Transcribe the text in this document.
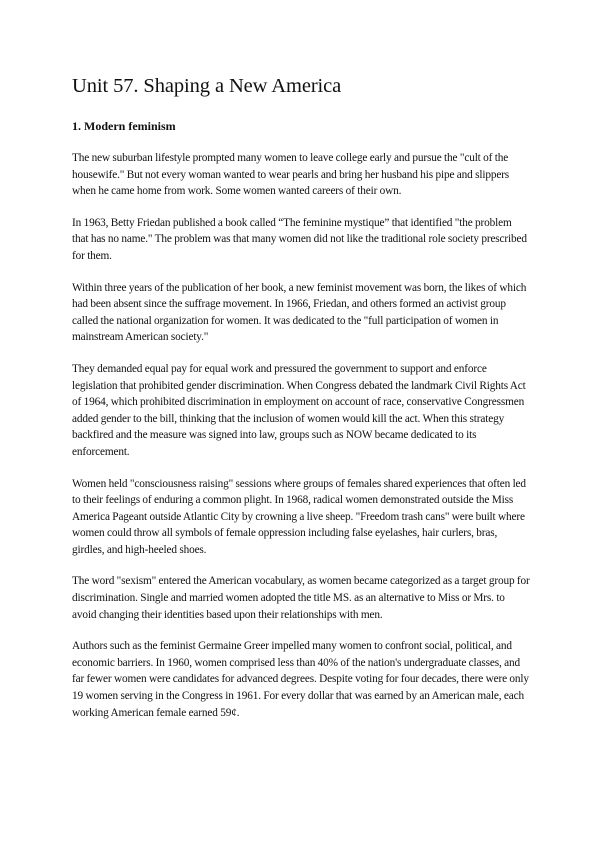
Unit 57. Shaping a New America
1. Modern feminism

The new suburban lifestyle prompted many women to leave college early and pursue the "cult of the housewife." But not every woman wanted to wear pearls and bring her husband his pipe and slippers when he came home from work. Some women wanted careers of their own.

In 1963, Betty Friedan published a book called “The feminine mystique” that identified "the problem that has no name." The problem was that many women did not like the traditional role society prescribed for them.

Within three years of the publication of her book, a new feminist movement was born, the likes of which had been absent since the suffrage movement. In 1966, Friedan, and others formed an activist group called the national organization for women. It was dedicated to the "full participation of women in mainstream American society."

They demanded equal pay for equal work and pressured the government to support and enforce legislation that prohibited gender discrimination. When Congress debated the landmark Civil Rights Act of 1964, which prohibited discrimination in employment on account of race, conservative Congressmen added gender to the bill, thinking that the inclusion of women would kill the act. When this strategy backfired and the measure was signed into law, groups such as NOW became dedicated to its enforcement.

Women held "consciousness raising" sessions where groups of females shared experiences that often led to their feelings of enduring a common plight. In 1968, radical women demonstrated outside the Miss America Pageant outside Atlantic City by crowning a live sheep. "Freedom trash cans" were built where women could throw all symbols of female oppression including false eyelashes, hair curlers, bras, girdles, and high-heeled shoes.

The word "sexism" entered the American vocabulary, as women became categorized as a target group for discrimination. Single and married women adopted the title MS. as an alternative to Miss or Mrs. to avoid changing their identities based upon their relationships with men.

Authors such as the feminist Germaine Greer impelled many women to confront social, political, and economic barriers. In 1960, women comprised less than 40% of the nation's undergraduate classes, and far fewer women were candidates for advanced degrees. Despite voting for four decades, there were only 19 women serving in the Congress in 1961. For every dollar that was earned by an American male, each working American female earned 59¢.
